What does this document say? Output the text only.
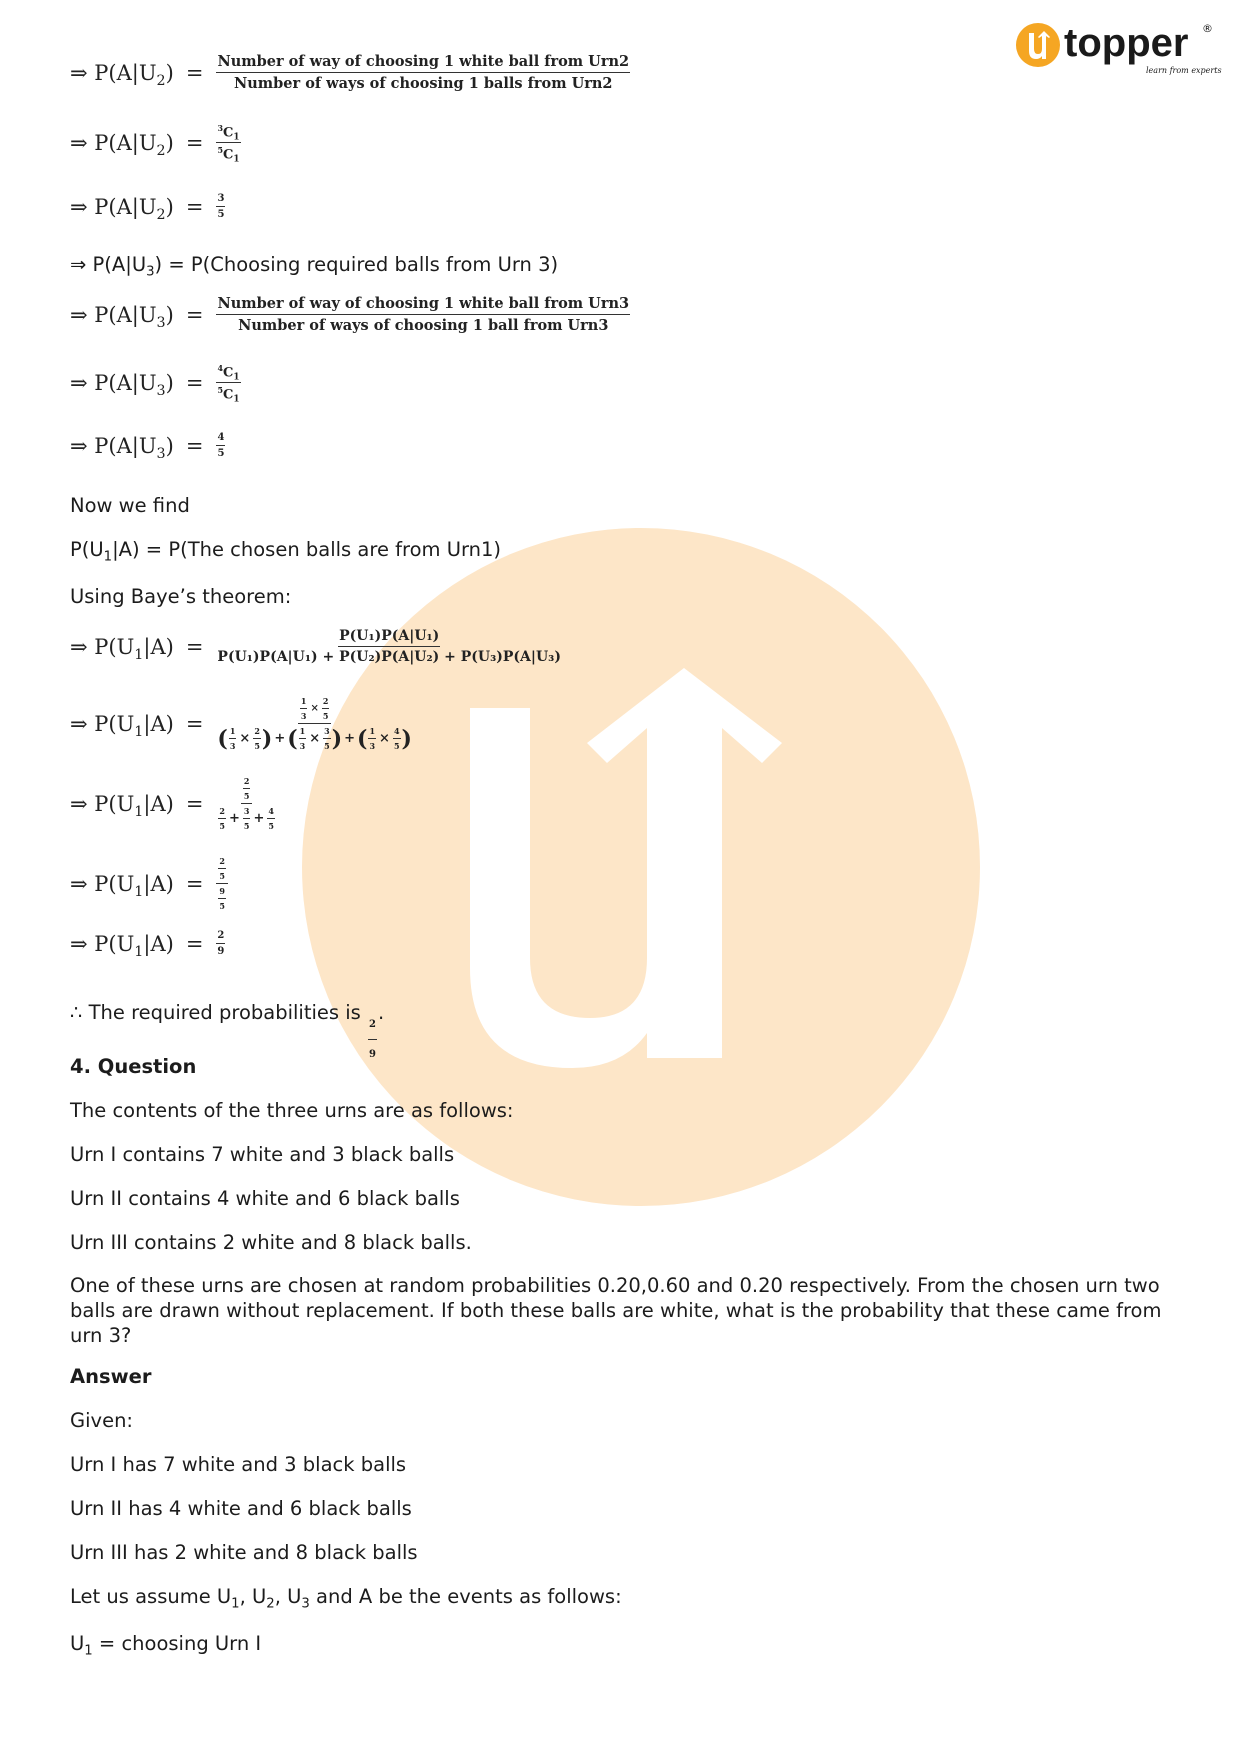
topper ®
learn from experts
⇒ $P(A|U_2) = \frac{\text{Number of way of choosing 1 white ball from Urn2}}{\text{Number of ways of choosing 1 balls from Urn2}}$
⇒ $P(A|U_2) = \frac{^3C_1}{^5C_1}$
⇒ $P(A|U_2) = \frac{3}{5}$
⇒ $P(A|U_3)$ = P(Choosing required balls from Urn 3)
⇒ $P(A|U_3) = \frac{\text{Number of way of choosing 1 white ball from Urn3}}{\text{Number of ways of choosing 1 ball from Urn3}}$
⇒ $P(A|U_3) = \frac{^4C_1}{^5C_1}$
⇒ $P(A|U_3) = \frac{4}{5}$
Now we find
$P(U_1|A) = P(The$ chosen balls are from Urn1)
Using Baye’s theorem:
⇒ $P(U_1|A) = \frac{\text{P(U₁)P(A|U₁)}}{\text{P(U₁)P(A|U₁) + P(U₂)P(A|U₂) + P(U₃)P(A|U₃)}}$
⇒ $P(U_1|A)$ =
$\frac{1}{3} \times \frac{2}{5}$
( $\frac{1}{3} \times \frac{2}{5}$ ) + ( $\frac{1}{3} \times \frac{3}{5}$ ) + ( $\frac{1}{3} \times \frac{4}{5}$ )
⇒ $P(U_1|A) = \frac{\frac{2}{5}}{\frac{2}{5} + \frac{3}{5} + \frac{4}{5}}$
⇒ $P(U_1|A) = \frac{\frac{2}{5}}{\frac{9}{5}}$
⇒ $P(U_1|A) = \frac{2}{9}$
∴ The required probabilities is $\frac{2}{9}$ .
4. Question
The contents of the three urns are as follows:
Urn I contains 7 white and 3 black balls
Urn II contains 4 white and 6 black balls
Urn III contains 2 white and 8 black balls.
One of these urns are chosen at random probabilities 0.20,0.60 and 0.20 respectively. From the chosen urn two balls are drawn without replacement. If both these balls are white, what is the probability that these came from urn 3?
Answer
Given:
Urn I has 7 white and 3 black balls
Urn II has 4 white and 6 black balls
Urn III has 2 white and 8 black balls
Let us assume $U_1$, $U_2$, $U_3$ and A be the events as follows:
$U_1$ = choosing Urn I
